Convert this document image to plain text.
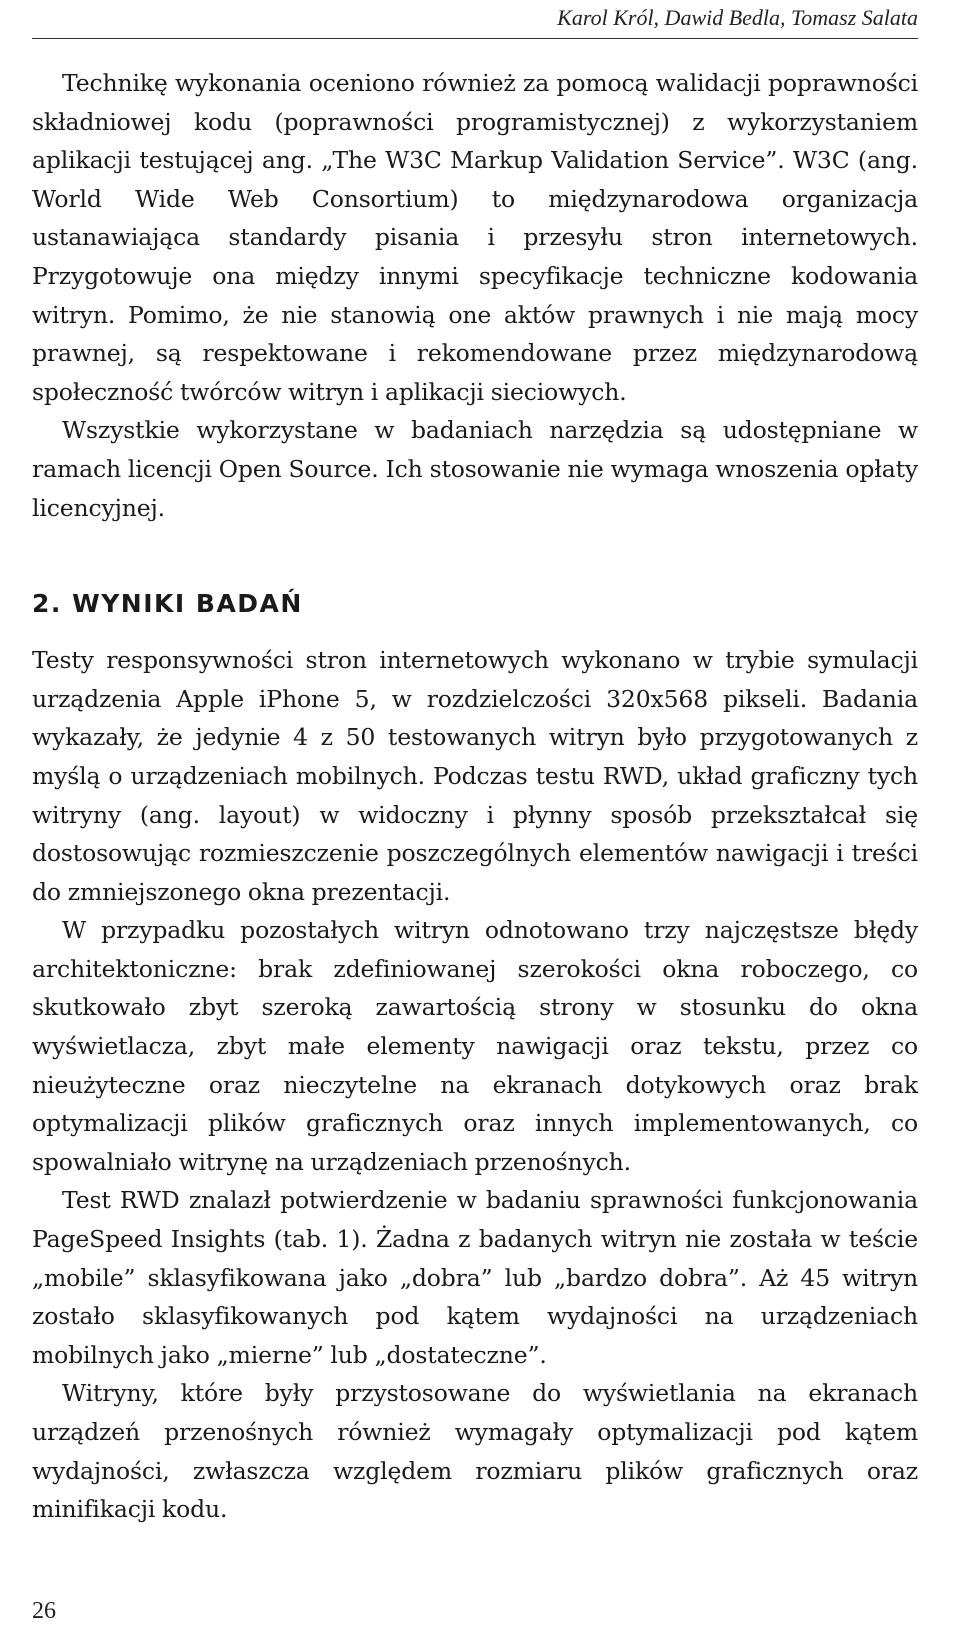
Karol Król, Dawid Bedla, Tomasz Salata

Technikę wykonania oceniono również za pomocą walidacji poprawności składniowej kodu (poprawności programistycznej) z wykorzystaniem aplikacji testującej ang. „The W3C Markup Validation Service”. W3C (ang. World Wide Web Consortium) to międzynarodowa organizacja ustanawiająca standardy pisania i przesyłu stron internetowych. Przygotowuje ona między innymi specyfikacje techniczne kodowania witryn. Pomimo, że nie stanowią one aktów prawnych i nie mają mocy prawnej, są respektowane i rekomendowane przez międzynarodową społeczność twórców witryn i aplikacji sieciowych.

Wszystkie wykorzystane w badaniach narzędzia są udostępniane w ramach licencji Open Source. Ich stosowanie nie wymaga wnoszenia opłaty licencyjnej.

2. WYNIKI BADAŃ

Testy responsywności stron internetowych wykonano w trybie symulacji urządzenia Apple iPhone 5, w rozdzielczości 320x568 pikseli. Badania wykazały, że jedynie 4 z 50 testowanych witryn było przygotowanych z myślą o urządzeniach mobilnych. Podczas testu RWD, układ graficzny tych witryny (ang. layout) w widoczny i płynny sposób przekształcał się dostosowując rozmieszczenie poszczególnych elementów nawigacji i treści do zmniejszonego okna prezentacji.

W przypadku pozostałych witryn odnotowano trzy najczęstsze błędy architektoniczne: brak zdefiniowanej szerokości okna roboczego, co skutkowało zbyt szeroką zawartością strony w stosunku do okna wyświetlacza, zbyt małe elementy nawigacji oraz tekstu, przez co nieużyteczne oraz nieczytelne na ekranach dotykowych oraz brak optymalizacji plików graficznych oraz innych implementowanych, co spowalniało witrynę na urządzeniach przenośnych.

Test RWD znalazł potwierdzenie w badaniu sprawności funkcjonowania PageSpeed Insights (tab. 1). Żadna z badanych witryn nie została w teście „mobile” sklasyfikowana jako „dobra” lub „bardzo dobra”. Aż 45 witryn zostało sklasyfikowanych pod kątem wydajności na urządzeniach mobilnych jako „mierne” lub „dostateczne”.

Witryny, które były przystosowane do wyświetlania na ekranach urządzeń przenośnych również wymagały optymalizacji pod kątem wydajności, zwłaszcza względem rozmiaru plików graficznych oraz minifikacji kodu.

26
